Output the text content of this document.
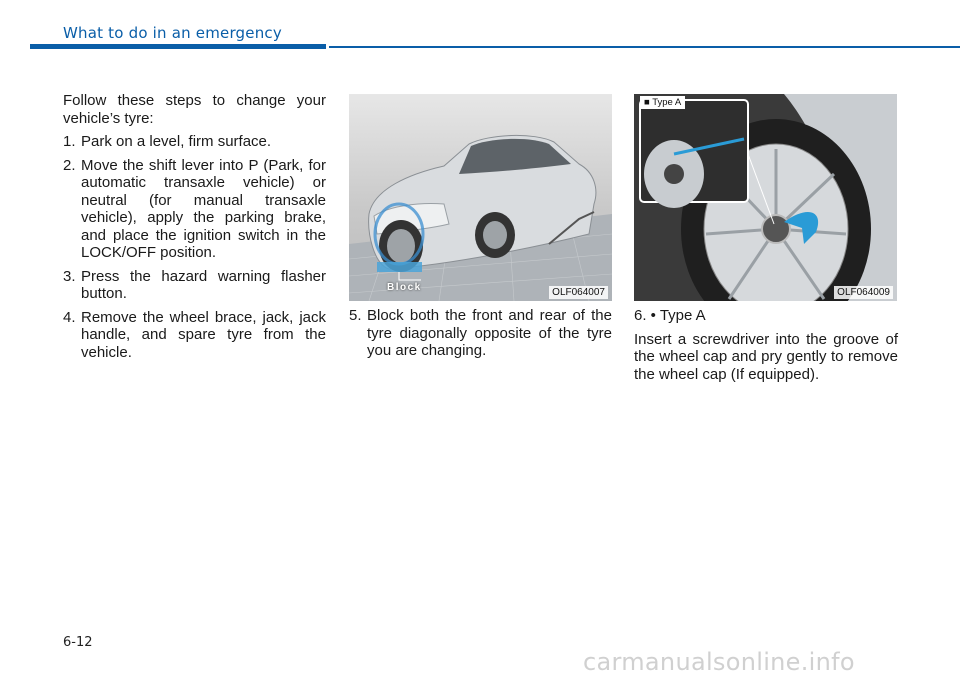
What to do in an emergency

Follow these steps to change your vehicle’s tyre:

1. Park on a level, firm surface.
2. Move the shift lever into P (Park, for automatic transaxle vehicle) or neutral (for manual transaxle vehicle), apply the parking brake, and place the ignition switch in the LOCK/OFF position.
3. Press the hazard warning flasher button.
4. Remove the wheel brace, jack, jack handle, and spare tyre from the vehicle.
Block	OLF064007
5. Block both the front and rear of the tyre diagonally opposite of the tyre you are changing.
■ Type A
OLF064009

6. • Type A

Insert a screwdriver into the groove of the wheel cap and pry gently to remove the wheel cap (If equipped).

6-12
carmanualsonline.info
